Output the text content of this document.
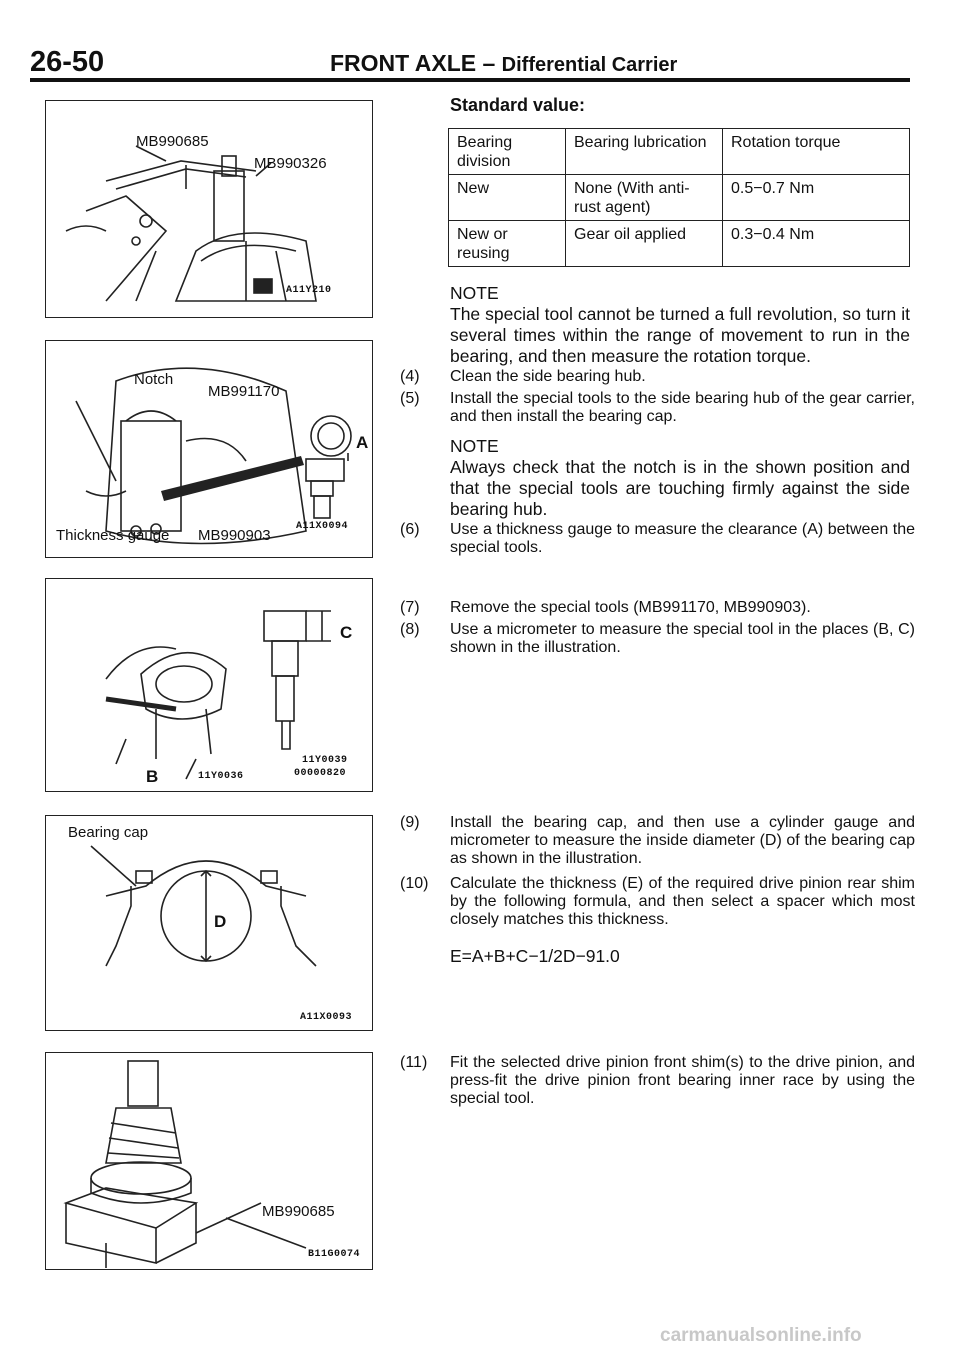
26-50	FRONT AXLE – Differential Carrier
MB990685
MB990326
A11Y210
Notch
MB991170
A
Thickness gauge MB990903
A11X0094
C
B	11Y0036
11Y0039
00000820
Bearing cap
D
A11X0093
MB990685
B11G0074
Standard value:
Bearing division	Bearing lubrication	Rotation torque
New	None (With anti-rust agent)	0.5−0.7 Nm
New or reusing	Gear oil applied	0.3−0.4 Nm
NOTE
The special tool cannot be turned a full revolution, so turn it several times within the range of movement to run in the bearing, and then measure the rotation torque.
(4) Clean the side bearing hub.
(5) Install the special tools to the side bearing hub of the gear carrier, and then install the bearing cap.
NOTE
Always check that the notch is in the shown position and that the special tools are touching firmly against the side bearing hub.
(6) Use a thickness gauge to measure the clearance (A) between the special tools.
(7) Remove the special tools (MB991170, MB990903).
(8) Use a micrometer to measure the special tool in the places (B, C) shown in the illustration.
(9) Install the bearing cap, and then use a cylinder gauge and micrometer to measure the inside diameter (D) of the bearing cap as shown in the illustration.
(10) Calculate the thickness (E) of the required drive pinion rear shim by the following formula, and then select a spacer which most closely matches this thickness.
E=A+B+C−1/2D−91.0
(11) Fit the selected drive pinion front shim(s) to the drive pinion, and press-fit the drive pinion front bearing inner race by using the special tool.
carmanualsonline.info
